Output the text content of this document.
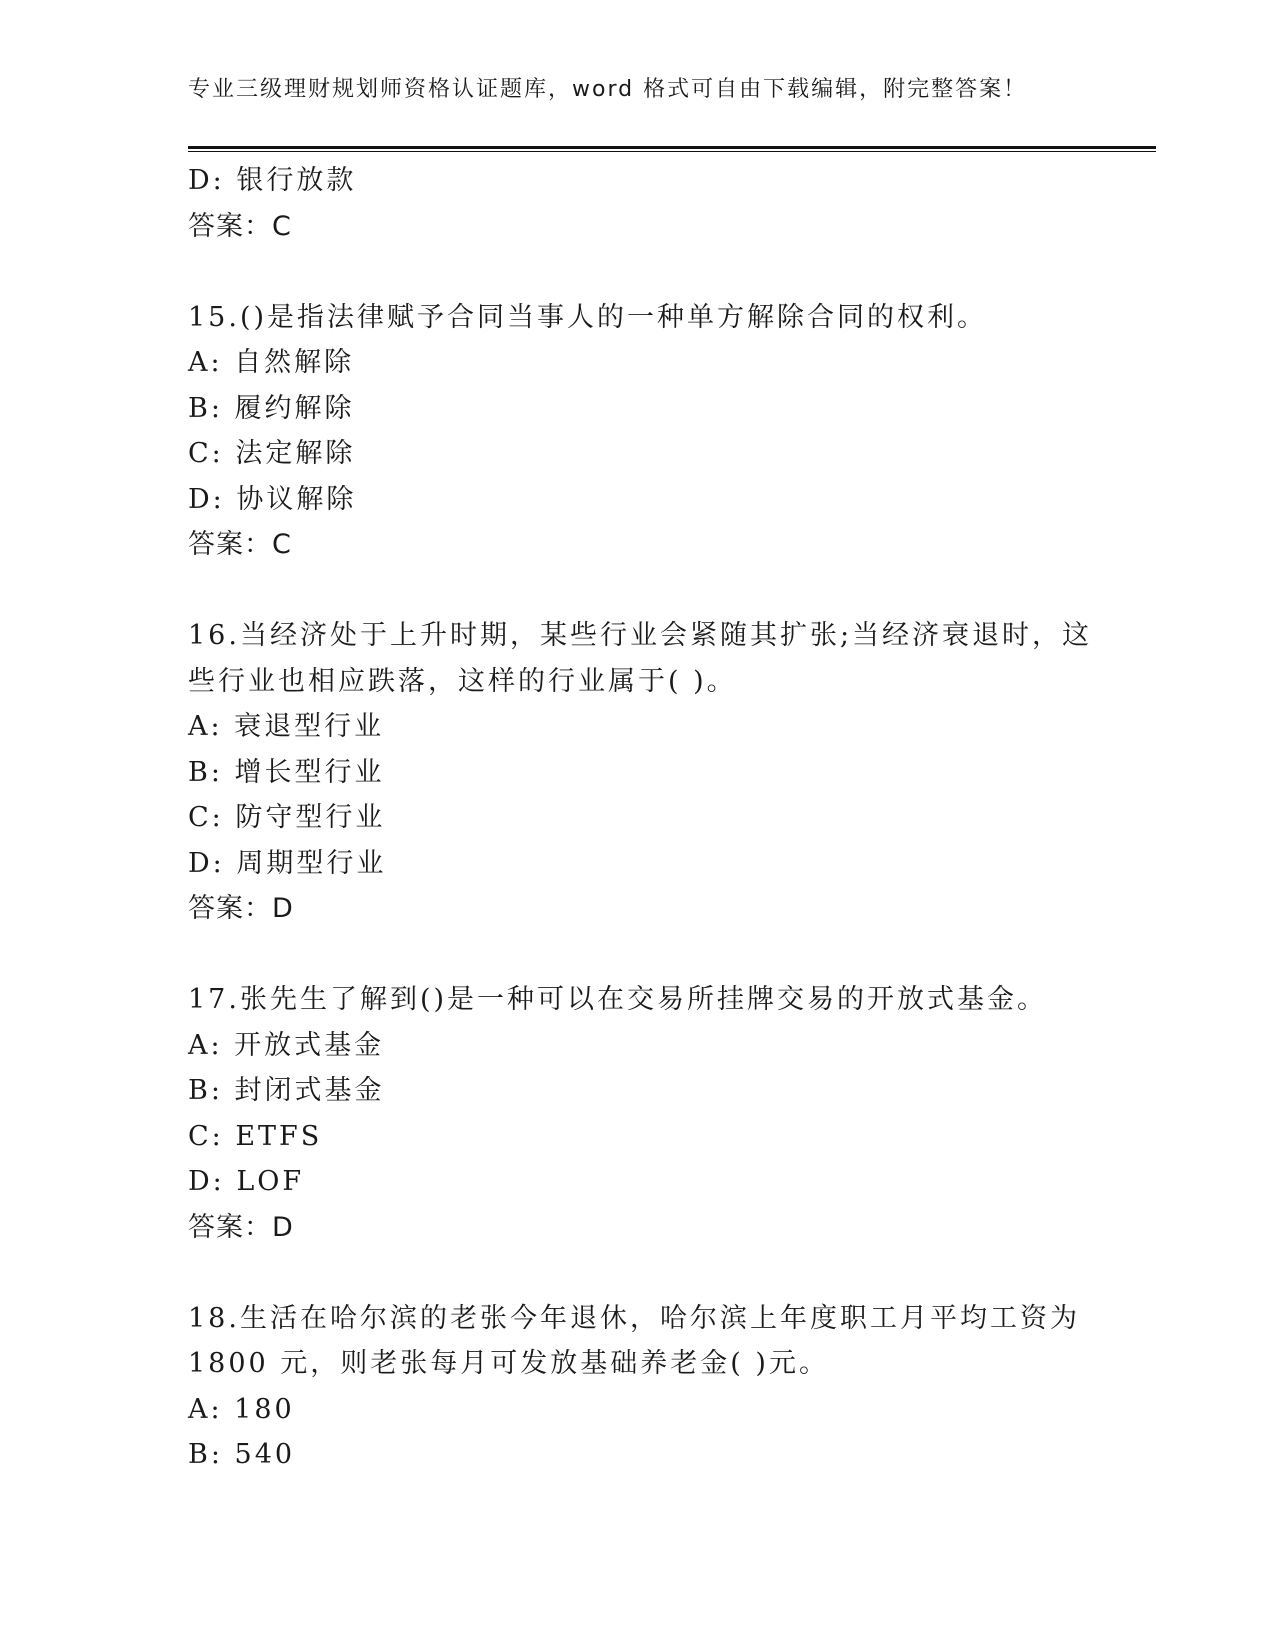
专业三级理财规划师资格认证题库，word 格式可自由下载编辑，附完整答案！
D: 银行放款
答案：C
15.()是指法律赋予合同当事人的一种单方解除合同的权利。
A: 自然解除
B: 履约解除
C: 法定解除
D: 协议解除
答案：C
16.当经济处于上升时期，某些行业会紧随其扩张;当经济衰退时，这
些行业也相应跌落，这样的行业属于( )。
A: 衰退型行业
B: 增长型行业
C: 防守型行业
D: 周期型行业
答案：D
17.张先生了解到()是一种可以在交易所挂牌交易的开放式基金。
A: 开放式基金
B: 封闭式基金
C: ETFS
D: LOF
答案：D
18.生活在哈尔滨的老张今年退休，哈尔滨上年度职工月平均工资为
1800 元，则老张每月可发放基础养老金( )元。
A: 180
B: 540
